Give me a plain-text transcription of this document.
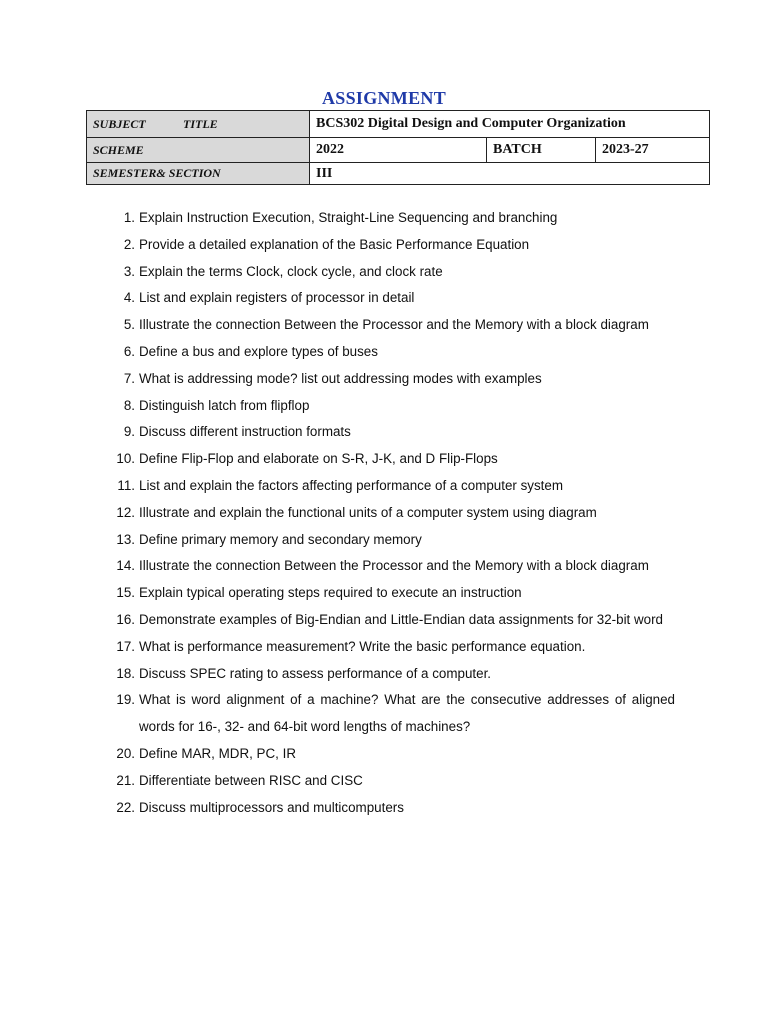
ASSIGNMENT
SUBJECT TITLE	BCS302 Digital Design and Computer Organization		
SCHEME	2022	BATCH	2023-27
SEMESTER& SECTION	III		
1. Explain Instruction Execution, Straight-Line Sequencing and branching
2. Provide a detailed explanation of the Basic Performance Equation
3. Explain the terms Clock, clock cycle, and clock rate
4. List and explain registers of processor in detail
5. Illustrate the connection Between the Processor and the Memory with a block diagram
6. Define a bus and explore types of buses
7. What is addressing mode? list out addressing modes with examples
8. Distinguish latch from flipflop
9. Discuss different instruction formats
10. Define Flip-Flop and elaborate on S-R, J-K, and D Flip-Flops
11. List and explain the factors affecting performance of a computer system
12. Illustrate and explain the functional units of a computer system using diagram
13. Define primary memory and secondary memory
14. Illustrate the connection Between the Processor and the Memory with a block diagram
15. Explain typical operating steps required to execute an instruction
16. Demonstrate examples of Big-Endian and Little-Endian data assignments for 32-bit word
17. What is performance measurement? Write the basic performance equation.
18. Discuss SPEC rating to assess performance of a computer.
19. What is word alignment of a machine? What are the consecutive addresses of aligned words for 16-, 32- and 64-bit word lengths of machines?
20. Define MAR, MDR, PC, IR
21. Differentiate between RISC and CISC
22. Discuss multiprocessors and multicomputers
